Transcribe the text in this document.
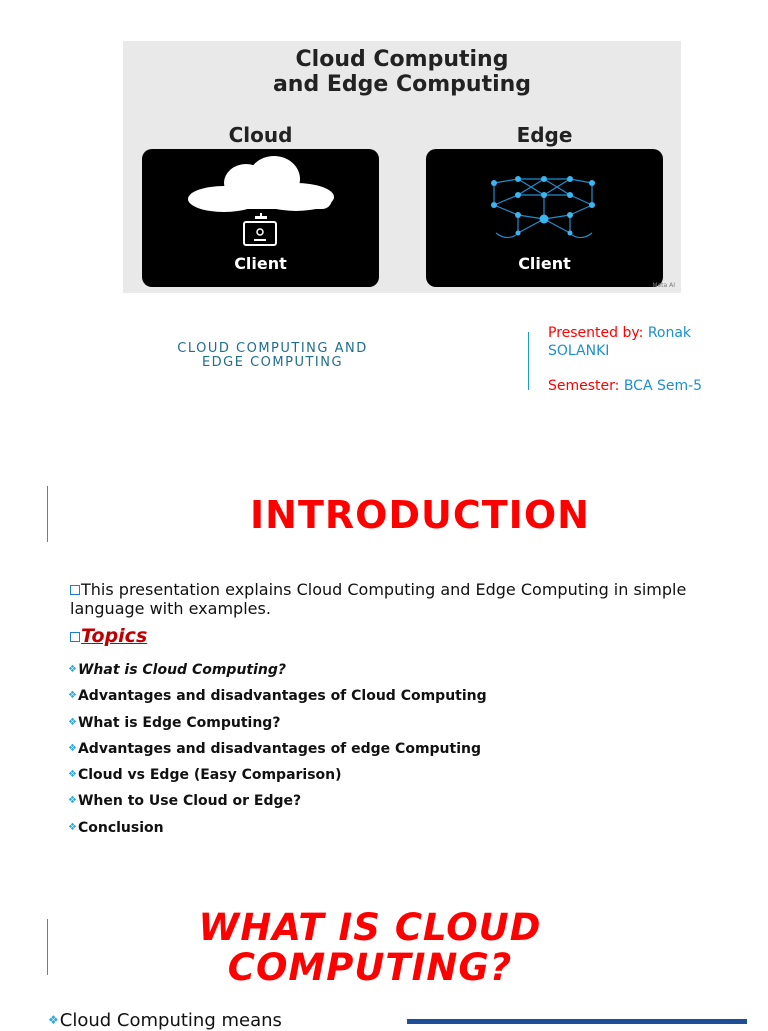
Cloud Computing
and Edge Computing
Cloud	Edge
Client	Client
Meta AI
CLOUD COMPUTING AND
EDGE COMPUTING
Presented by: Ronak SOLANKI
Semester: BCA Sem-5
INTRODUCTION
This presentation explains Cloud Computing and Edge Computing in simple    language with examples.
Topics
❖What is Cloud Computing?
❖Advantages and disadvantages of Cloud Computing
❖What is Edge Computing?
❖Advantages and disadvantages of edge Computing
❖Cloud vs Edge (Easy Comparison)
❖When to Use Cloud or Edge?
❖Conclusion
WHAT IS CLOUD
COMPUTING?
❖Cloud Computing means
